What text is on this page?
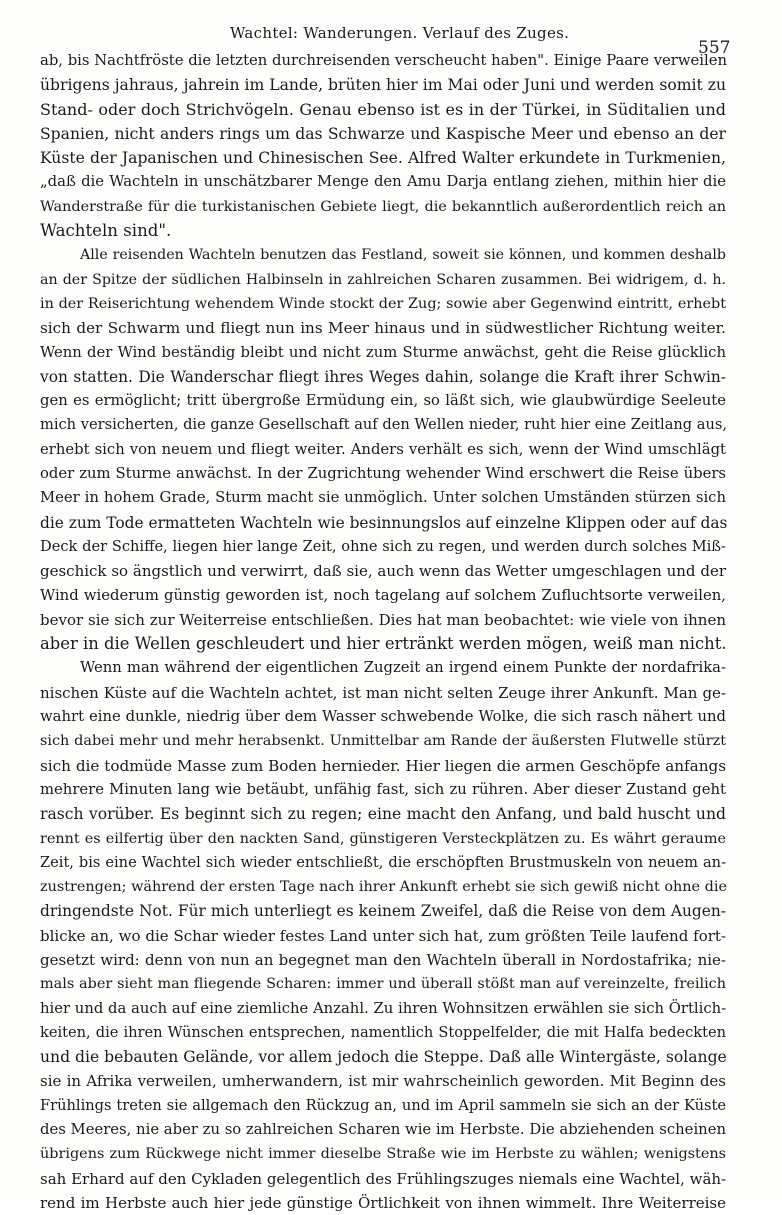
Wachtel: Wanderungen. Verlauf des Zuges.
557
ab, bis Nachtfröste die letzten durchreisenden verscheucht haben". Einige Paare verweilen
übrigens jahraus, jahrein im Lande, brüten hier im Mai oder Juni und werden somit zu
Stand- oder doch Strichvögeln. Genau ebenso ist es in der Türkei, in Süditalien und
Spanien, nicht anders rings um das Schwarze und Kaspische Meer und ebenso an der
Küste der Japanischen und Chinesischen See. Alfred Walter erkundete in Turkmenien,
„daß die Wachteln in unschätzbarer Menge den Amu Darja entlang ziehen, mithin hier die
Wanderstraße für die turkistanischen Gebiete liegt, die bekanntlich außerordentlich reich an
Wachteln sind".
Alle reisenden Wachteln benutzen das Festland, soweit sie können, und kommen deshalb
an der Spitze der südlichen Halbinseln in zahlreichen Scharen zusammen. Bei widrigem, d. h.
in der Reiserichtung wehendem Winde stockt der Zug; sowie aber Gegenwind eintritt, erhebt
sich der Schwarm und fliegt nun ins Meer hinaus und in südwestlicher Richtung weiter.
Wenn der Wind beständig bleibt und nicht zum Sturme anwächst, geht die Reise glücklich
von statten. Die Wanderschar fliegt ihres Weges dahin, solange die Kraft ihrer Schwin-
gen es ermöglicht; tritt übergroße Ermüdung ein, so läßt sich, wie glaubwürdige Seeleute
mich versicherten, die ganze Gesellschaft auf den Wellen nieder, ruht hier eine Zeitlang aus,
erhebt sich von neuem und fliegt weiter. Anders verhält es sich, wenn der Wind umschlägt
oder zum Sturme anwächst. In der Zugrichtung wehender Wind erschwert die Reise übers
Meer in hohem Grade, Sturm macht sie unmöglich. Unter solchen Umständen stürzen sich
die zum Tode ermatteten Wachteln wie besinnungslos auf einzelne Klippen oder auf das
Deck der Schiffe, liegen hier lange Zeit, ohne sich zu regen, und werden durch solches Miß-
geschick so ängstlich und verwirrt, daß sie, auch wenn das Wetter umgeschlagen und der
Wind wiederum günstig geworden ist, noch tagelang auf solchem Zufluchtsorte verweilen,
bevor sie sich zur Weiterreise entschließen. Dies hat man beobachtet: wie viele von ihnen
aber in die Wellen geschleudert und hier ertränkt werden mögen, weiß man nicht.
Wenn man während der eigentlichen Zugzeit an irgend einem Punkte der nordafrika-
nischen Küste auf die Wachteln achtet, ist man nicht selten Zeuge ihrer Ankunft. Man ge-
wahrt eine dunkle, niedrig über dem Wasser schwebende Wolke, die sich rasch nähert und
sich dabei mehr und mehr herabsenkt. Unmittelbar am Rande der äußersten Flutwelle stürzt
sich die todmüde Masse zum Boden hernieder. Hier liegen die armen Geschöpfe anfangs
mehrere Minuten lang wie betäubt, unfähig fast, sich zu rühren. Aber dieser Zustand geht
rasch vorüber. Es beginnt sich zu regen; eine macht den Anfang, und bald huscht und
rennt es eilfertig über den nackten Sand, günstigeren Versteckplätzen zu. Es währt geraume
Zeit, bis eine Wachtel sich wieder entschließt, die erschöpften Brustmuskeln von neuem an-
zustrengen; während der ersten Tage nach ihrer Ankunft erhebt sie sich gewiß nicht ohne die
dringendste Not. Für mich unterliegt es keinem Zweifel, daß die Reise von dem Augen-
blicke an, wo die Schar wieder festes Land unter sich hat, zum größten Teile laufend fort-
gesetzt wird: denn von nun an begegnet man den Wachteln überall in Nordostafrika; nie-
mals aber sieht man fliegende Scharen: immer und überall stößt man auf vereinzelte, freilich
hier und da auch auf eine ziemliche Anzahl. Zu ihren Wohnsitzen erwählen sie sich Örtlich-
keiten, die ihren Wünschen entsprechen, namentlich Stoppelfelder, die mit Halfa bedeckten
und die bebauten Gelände, vor allem jedoch die Steppe. Daß alle Wintergäste, solange
sie in Afrika verweilen, umherwandern, ist mir wahrscheinlich geworden. Mit Beginn des
Frühlings treten sie allgemach den Rückzug an, und im April sammeln sie sich an der Küste
des Meeres, nie aber zu so zahlreichen Scharen wie im Herbste. Die abziehenden scheinen
übrigens zum Rückwege nicht immer dieselbe Straße wie im Herbste zu wählen; wenigstens
sah Erhard auf den Cykladen gelegentlich des Frühlingszuges niemals eine Wachtel, wäh-
rend im Herbste auch hier jede günstige Örtlichkeit von ihnen wimmelt. Ihre Weiterreise
